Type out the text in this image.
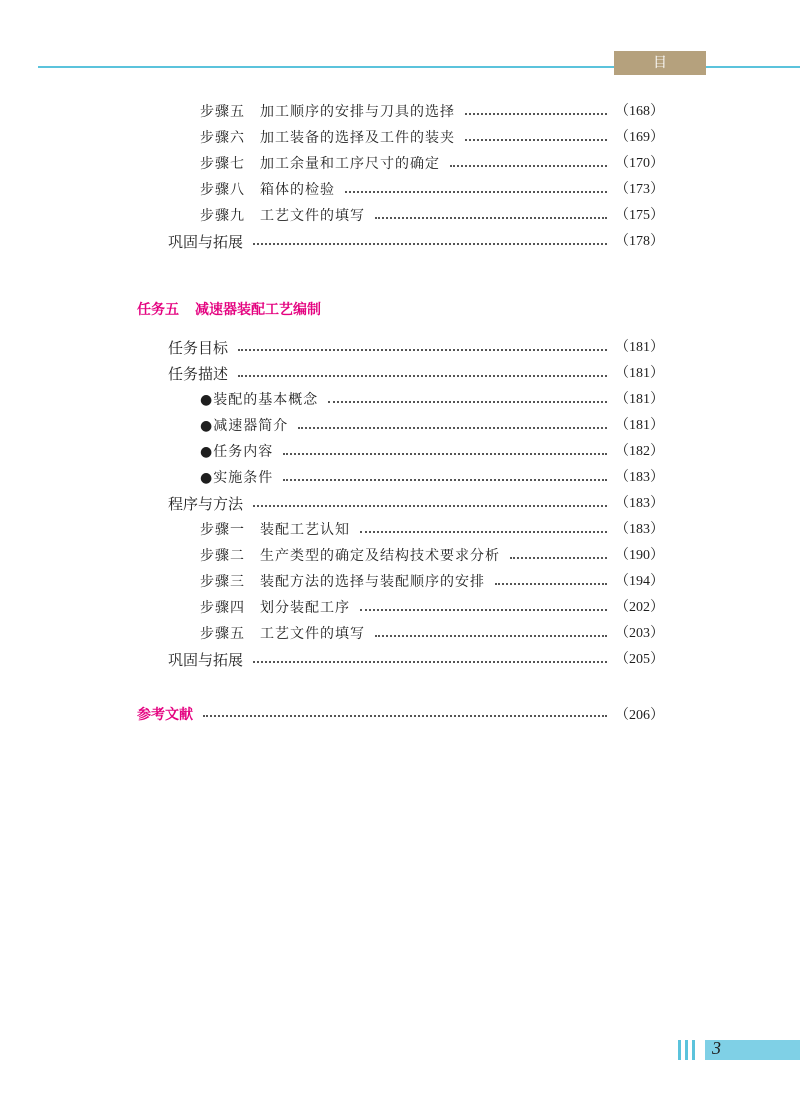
目 录
步骤五　加工顺序的安排与刀具的选择	（168）
步骤六　加工装备的选择及工件的装夹	（169）
步骤七　加工余量和工序尺寸的确定	（170）
步骤八　箱体的检验	（173）
步骤九　工艺文件的填写	（175）
巩固与拓展	（178）
任务五 减速器装配工艺编制
任务目标	（181）
任务描述	（181）
●装配的基本概念	（181）
●减速器简介	（181）
●任务内容	（182）
●实施条件	（183）
程序与方法	（183）
步骤一　装配工艺认知	（183）
步骤二　生产类型的确定及结构技术要求分析	（190）
步骤三　装配方法的选择与装配顺序的安排	（194）
步骤四　划分装配工序	（202）
步骤五　工艺文件的填写	（203）
巩固与拓展	（205）
参考文献	（206）
3
